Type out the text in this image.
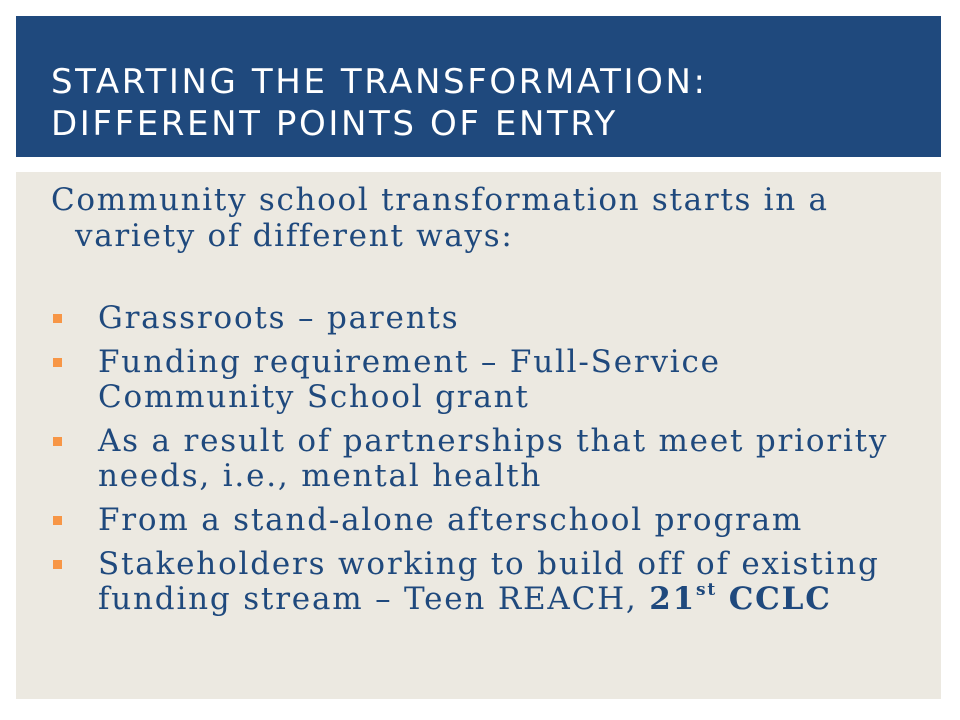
STARTING THE TRANSFORMATION:
DIFFERENT POINTS OF ENTRY
Community school transformation starts in a variety of different ways:
Grassroots – parents
Funding requirement – Full-Service Community School grant
As a result of partnerships that meet priority needs, i.e., mental health
From a stand-alone afterschool program
Stakeholders working to build off of existing funding stream – Teen REACH, 21st CCLC
